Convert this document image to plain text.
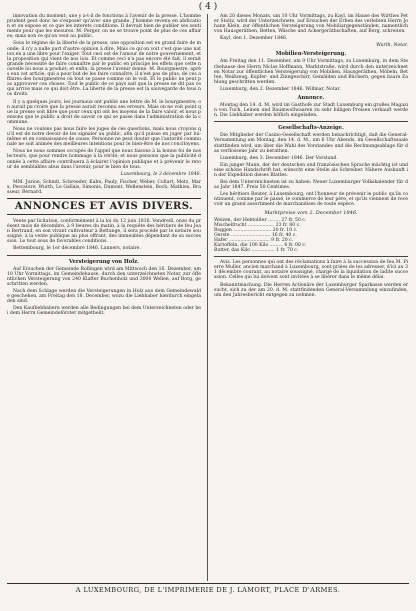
( 4 )

innovation du moment; une y a-t-il de fonctions à l'avenir de la presse. L'homme prudent peut donc ne s'exposer qu'avec une grande. J'homme revenu en abdication et on expose et ce que les interets conditione. Il devrait bien de publier ses sentiments pour que les mesures. M. Perger, on ne se trouve point de plus de ces affaires; mais non ce qu'on veut au public.

Sous le régime de la liberté de la presse, une opposition est en grand faire de monde; il n'y a nulle part d'autre opinion à dire. Mais ce qu'on voit c'est que une nation en a une libre pour l'exiger. Tout ceci est de l'amour de notre gouvernement, et la proposition qui vient de nos lois. Et comme ceci n'a pas encore été fait, il serait grande nécessité de faire connaître par le public en principe les effets que cette nouvelle loi nous a produit; et enfin; la presse l'avenir donne. M. Bourgmestre, après eux cet article, qui a pour but de les faire connaître, il n'est pas de plus, de ces affaires des bourgmestres où tout se passe comme on le voit. Et le public ne peut pas approuver ces choses. Tout le public de ce pays sait que la presse ne dit pas ce qui arrive mais ce qui doit être. La liberté de la presse est la sauvegarde de tous nos droits.

Il y a quelques jours, les journaux ont publié une lettre de M. le bourgmestre; on aurait pu croire que la presse aurait reconnu ses erreurs. Mais on ne voit point que la presse soit libre que pour ceux qui ont les moyens de la faire valoir, et nous pensons que le public a droit de savoir ce qui se passe dans l'administration de la commune.

Nous ne voulons pas nous faire les juges de ces questions, mais nous croyons qu'il est de notre devoir de les signaler au public, afin qu'il puisse en juger par lui-même et en connaissance de cause. Personne ne peut douter que l'autorité communale ne soit animée des meilleures intentions pour le bien-être de nos concitoyens.

Nous ne nous sommes occupés de l'appel que nous faisons à la bonne foi de nos lecteurs, que pour rendre hommage à la vérité; et nous pensons que la publicité donnée à cette affaire contribuera à éclairer l'opinion publique et à prévenir le retour de semblables abus dans l'avenir, pour le bien de tous.

Luxembourg, le 3 décembre 1846.

MM. Jurion, Schmit, Schroeder, Kahn, Pauly, Fischer, Weber, Collart, Metz, Marx, Pescatore, Wurth, Le Gallais, Simonis, Dumont, Wellenstein, Boch, Mathieu, Brasseur, Bernard.

ANNONCES ET AVIS DIVERS.

Vente par licitation, conformément à la loi du 12 juin 1816. Vendredi, onze du présent mois de décembre, à 9 heures du matin, à la requête des héritiers de feu Jean Bertrand, en son vivant cultivateur à Bettange, il sera procédé par le notaire soussigné, à la vente publique au plus offrant, des immeubles dépendant de sa succession. Le tout sous de favorables conditions.

Bettembourg, le 1er décembre 1846. Lanners, notaire.

Versteigerung von Holz.

Auf Ersuchen der Gemeinde Rollingen wird am Mittwoch den 16. Dezember, um 10 Uhr Vormittags, im Gemeindehause, durch den unterzeichneten Notar, zur öffentlichen Versteigerung von 240 Klafter Buchenholz und 3000 Wellen, auf Borg, geschritten werden.

Nach dem Schlage werden die Versteigerungen in Holz aus dem Gemeindewalde geschehen, am Freitag den 18. December, wozu die Liebhaber hierdurch eingeladen sind.

Den Kaufliebhabern werden alle Bedingungen bei dem Unterzeichneten oder bei dem Herrn Gemeindeförster mitgetheilt.

Am 20 dieses Monats, um 10 Uhr Vormittags, zu Kayl, im Hause des Wirthes Peter Stoltz, wird der Unterzeichnete, auf Ersuchen der Erben des verlebten Herrn Johann Klein, zur öffentlichen Versteigerung von Mobiliargegenständen, namentlich von Hausgeräthen, Betten, Wäsche und Ackergeräthschaften, auf Borg, schreiten.

Kayl, den 1. Dezember 1846.

Wurth, Notar.
Mobilien-Versteigerung.

Am Freitag den 11. Dezember, um 9 Uhr Vormittags, zu Luxemburg, in dem Sterbehause des Herrn Niclas Hoffmann, Marktstraße, wird durch den unterzeichneten Notar zur öffentlichen Versteigerung von Mobilien, Hausgeräthen, Möbeln, Betten, Weißzeug, Kupfer- und Zinngeschirr, Gemälden und Büchern, gegen baare Zahlung geschritten werden.

Luxemburg, den 2. Dezember 1846. Willmar, Notar.

Annonce.

Montag den 14. d. M. wird im Gasthofe zur Stadt Luxemburg ein großes Magazin von Tuch, Leinen und Baumwollwaaren zu sehr billigen Preisen verkauft werden. Die Liebhaber werden höflich eingeladen.

Gesellschafts-Anzeige.

Die Mitglieder der Casino-Gesellschaft werden benachrichtigt, daß die General-Versammlung am Montag, den 14. d. M., um 6 Uhr Abends, im Gesellschaftssaale stattfinden wird, um über die Wahl des Vorstandes und die Rechnungsablage für das verflossene Jahr zu berathen.

Luxemburg, den 3. December 1846. Der Vorstand.

Ein junger Mann, der der deutschen und französischen Sprache mächtig ist und eine schöne Handschrift hat, wünscht eine Stelle als Schreiber. Nähere Auskunft in der Expedition dieses Blattes.

Bei dem Unterzeichneten ist zu haben: Neuer Luxemburger Volkskalender für das Jahr 1847. Preis 50 Centimes.

Les héritiers Reuter, à Luxembourg, ont l'honneur de prévenir le public qu'ils continuent, comme par le passé, le commerce de leur père, et qu'ils viennent de recevoir un grand assortiment de marchandises de toute espèce.

Marktpreise vom 2. December 1846.

Weizen, der Hektoliter ........ 27 fr. 50 c.

Mischelfrucht .................. 23 fr. 80 c.

Roggen .......................... 20 fr. 10 c.

Gerste ........................... 16 fr. 40 c.

Hafer ............................ 9 fr. 20 c.

Kartoffeln, die 100 Kilo ......... 6 fr. 00 c.

Butter, das Kilo ................ 1 fr. 70 c.

Avis. Les personnes qui ont des réclamations à faire à la succession de feu M. Pierre Muller, ancien marchand à Luxembourg, sont priées de les adresser, d'ici au 31 décembre courant, au notaire soussigné, chargé de la liquidation de ladite succession. Celles qui lui doivent sont invitées à se libérer dans le même délai.

Bekanntmachung. Die Herren Actionäre der Luxemburger Sparkasse werden ersucht, sich zu der am 20. d. M. stattfindenden General-Versammlung einzufinden, um den Jahresbericht entgegen zu nehmen.

A LUXEMBOURG, DE L'IMPRIMERIE DE J. LAMORT, PLACE D'ARMES.
